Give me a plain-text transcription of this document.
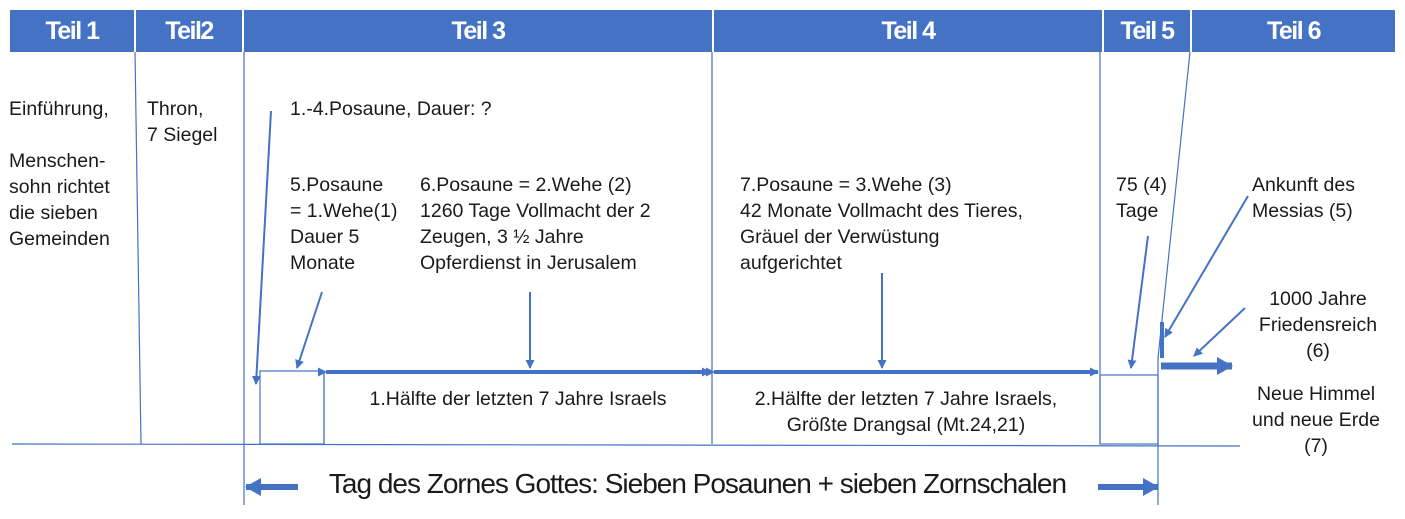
Teil 1	Teil2	Teil 3	Teil 4	Teil 5	Teil 6
Einführung,

Menschen-
sohn richtet
die sieben
Gemeinden
Thron,
7 Siegel
1.-4.Posaune, Dauer: ?
5.Posaune
= 1.Wehe(1)
Dauer 5
Monate
6.Posaune = 2.Wehe (2)
1260 Tage Vollmacht der 2
Zeugen, 3 ½ Jahre
Opferdienst in Jerusalem
7.Posaune = 3.Wehe (3)
42 Monate Vollmacht des Tieres,
Gräuel der Verwüstung
aufgerichtet
75 (4)
Tage
Ankunft des
Messias (5)
1000 Jahre
Friedensreich
(6)
Neue Himmel
und neue Erde
(7)
1.Hälfte der letzten 7 Jahre Israels	2.Hälfte der letzten 7 Jahre Israels,
Größte Drangsal (Mt.24,21)
Tag des Zornes Gottes: Sieben Posaunen + sieben Zornschalen
